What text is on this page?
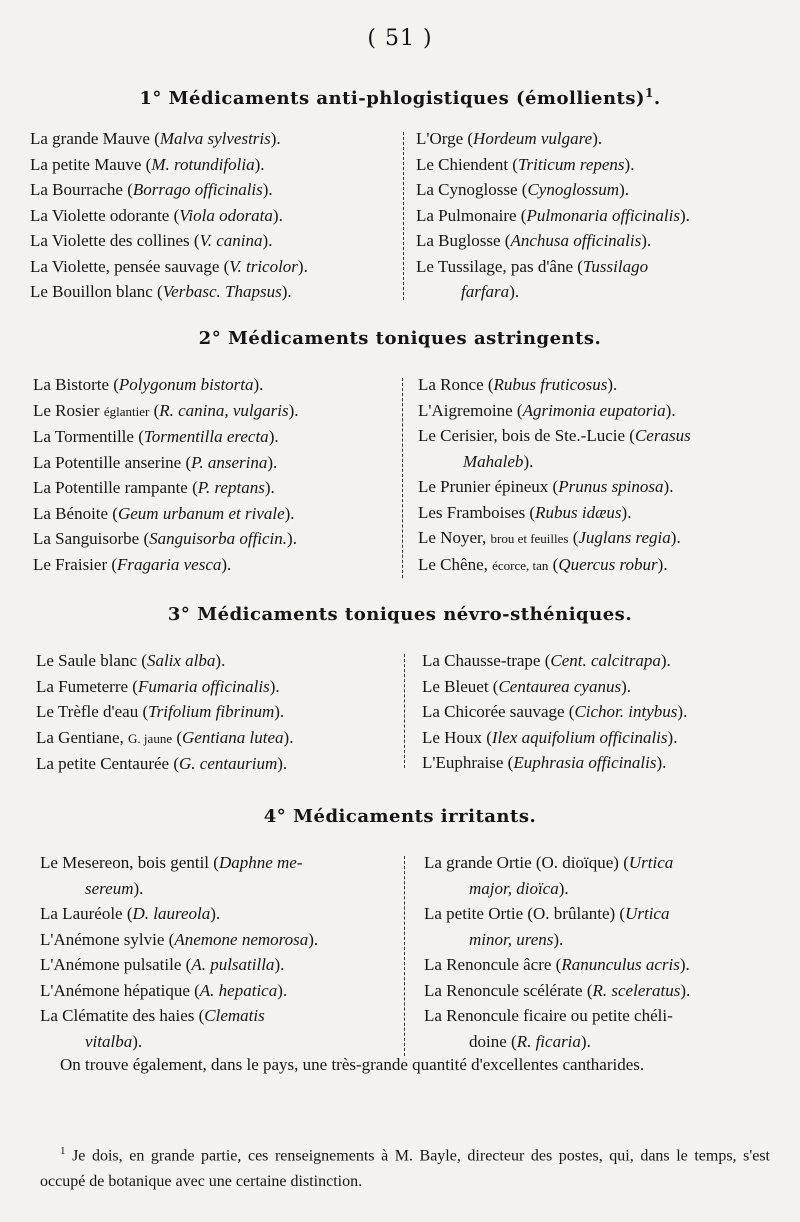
( 51 )
1° Médicaments anti-phlogistiques (émollients)$^1$.
La grande Mauve (Malva sylvestris).
La petite Mauve (M. rotundifolia).
La Bourrache (Borrago officinalis).
La Violette odorante (Viola odorata).
La Violette des collines (V. canina).
La Violette, pensée sauvage (V. tricolor).
Le Bouillon blanc (Verbasc. Thapsus).
L'Orge (Hordeum vulgare).
Le Chiendent (Triticum repens).
La Cynoglosse (Cynoglossum).
La Pulmonaire (Pulmonaria officinalis).
La Buglosse (Anchusa officinalis).
Le Tussilage, pas d'âne (Tussilago
farfara).
2° Médicaments toniques astringents.
La Bistorte (Polygonum bistorta).
Le Rosier églantier (R. canina, vulgaris).
La Tormentille (Tormentilla erecta).
La Potentille anserine (P. anserina).
La Potentille rampante (P. reptans).
La Bénoite (Geum urbanum et rivale).
La Sanguisorbe (Sanguisorba officin.).
Le Fraisier (Fragaria vesca).
La Ronce (Rubus fruticosus).
L'Aigremoine (Agrimonia eupatoria).
Le Cerisier, bois de Ste.-Lucie (Cerasus
Mahaleb).
Le Prunier épineux (Prunus spinosa).
Les Framboises (Rubus idæus).
Le Noyer, brou et feuilles (Juglans regia).
Le Chêne, écorce, tan (Quercus robur).
3° Médicaments toniques névro-sthéniques.
Le Saule blanc (Salix alba).
La Fumeterre (Fumaria officinalis).
Le Trèfle d'eau (Trifolium fibrinum).
La Gentiane, G. jaune (Gentiana lutea).
La petite Centaurée (G. centaurium).
La Chausse-trape (Cent. calcitrapa).
Le Bleuet (Centaurea cyanus).
La Chicorée sauvage (Cichor. intybus).
Le Houx (Ilex aquifolium officinalis).
L'Euphraise (Euphrasia officinalis).
4° Médicaments irritants.
Le Mesereon, bois gentil (Daphne me-
sereum).
La Lauréole (D. laureola).
L'Anémone sylvie (Anemone nemorosa).
L'Anémone pulsatile (A. pulsatilla).
L'Anémone hépatique (A. hepatica).
La Clématite des haies (Clematis
vitalba).
La grande Ortie (O. dioïque) (Urtica
major, dioïca).
La petite Ortie (O. brûlante) (Urtica
minor, urens).
La Renoncule âcre (Ranunculus acris).
La Renoncule scélérate (R. sceleratus).
La Renoncule ficaire ou petite chéli-
doine (R. ficaria).

On trouve également, dans le pays, une très-grande quantité d'excellentes cantharides.

$^1$ Je dois, en grande partie, ces renseignements à M. Bayle, directeur des postes, qui, dans le temps, s'est occupé de botanique avec une certaine distinction.
